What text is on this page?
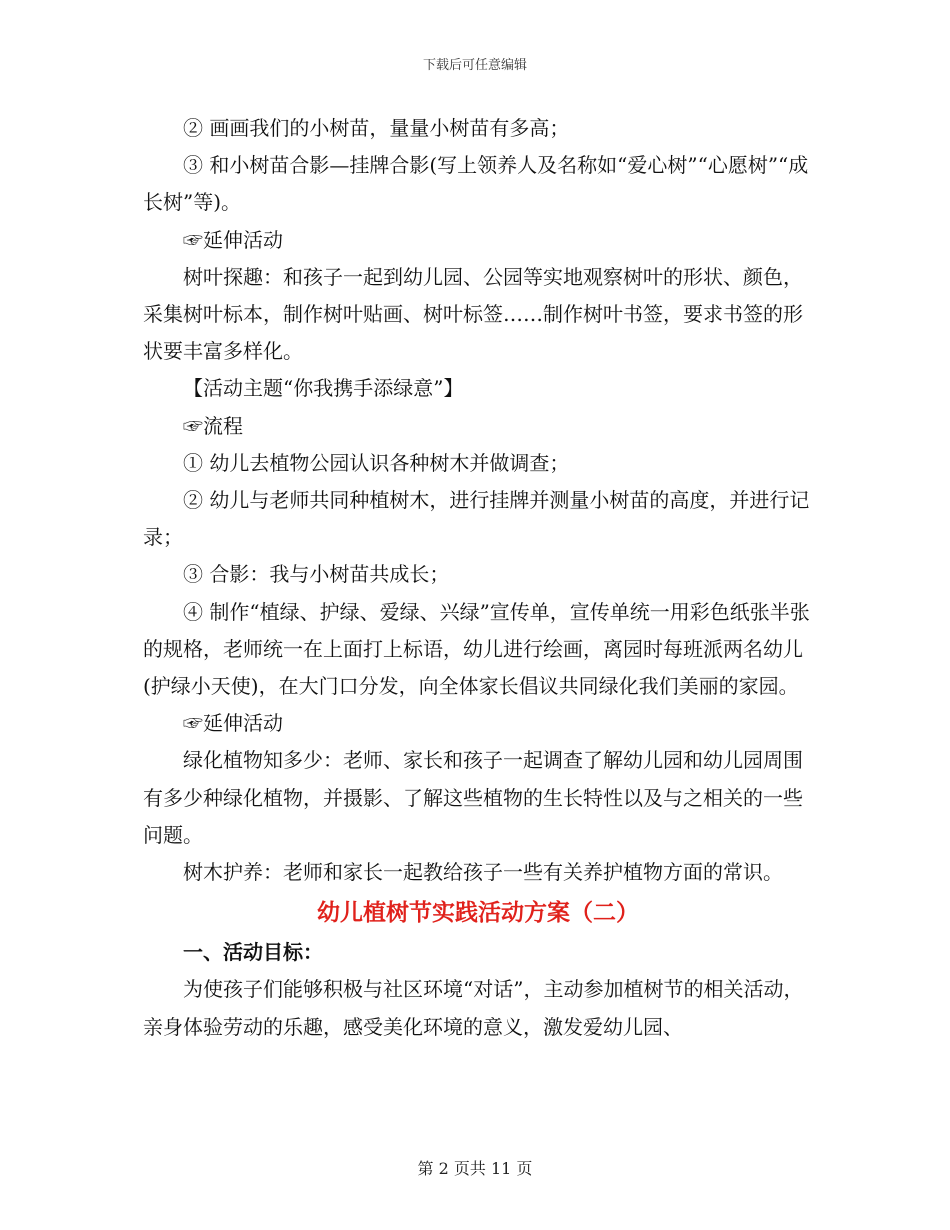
下载后可任意编辑

② 画画我们的小树苗，量量小树苗有多高；

③ 和小树苗合影—挂牌合影(写上领养人及名称如“爱心树”“心愿树”“成长树”等)。

☞延伸活动

树叶探趣：和孩子一起到幼儿园、公园等实地观察树叶的形状、颜色，采集树叶标本，制作树叶贴画、树叶标签……制作树叶书签，要求书签的形状要丰富多样化。

【活动主题“你我携手添绿意”】

☞流程

① 幼儿去植物公园认识各种树木并做调查；

② 幼儿与老师共同种植树木，进行挂牌并测量小树苗的高度，并进行记录；

③ 合影：我与小树苗共成长；

④ 制作“植绿、护绿、爱绿、兴绿”宣传单，宣传单统一用彩色纸张半张的规格，老师统一在上面打上标语，幼儿进行绘画，离园时每班派两名幼儿(护绿小天使)，在大门口分发，向全体家长倡议共同绿化我们美丽的家园。

☞延伸活动

绿化植物知多少：老师、家长和孩子一起调查了解幼儿园和幼儿园周围有多少种绿化植物，并摄影、了解这些植物的生长特性以及与之相关的一些问题。

树木护养：老师和家长一起教给孩子一些有关养护植物方面的常识。

幼儿植树节实践活动方案（二）

一、活动目标：

为使孩子们能够积极与社区环境“对话”，主动参加植树节的相关活动，亲身体验劳动的乐趣，感受美化环境的意义，激发爱幼儿园、

第 2 页共 11 页
